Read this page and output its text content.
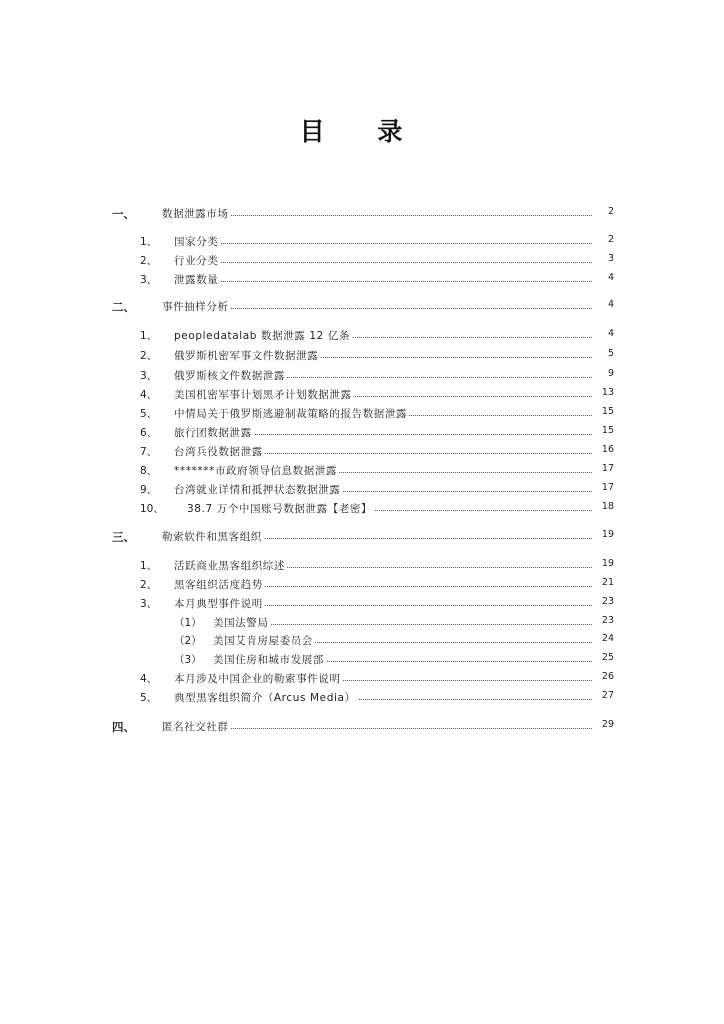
目 录
一、	数据泄露市场	2
1、 国家分类	2
2、 行业分类	3
3、 泄露数量	4
二、	事件抽样分析	4
1、 peopledatalab 数据泄露 12 亿条	4
2、 俄罗斯机密军事文件数据泄露	5
3、 俄罗斯核文件数据泄露	9
4、 美国机密军事计划黑矛计划数据泄露	13
5、 中情局关于俄罗斯逃避制裁策略的报告数据泄露	15
6、 旅行团数据泄露	15
7、 台湾兵役数据泄露	16
8、 *******市政府领导信息数据泄露	17
9、 台湾就业详情和抵押状态数据泄露	17
10、 38.7 万个中国账号数据泄露【老密】	18
三、	勒索软件和黑客组织	19
1、 活跃商业黑客组织综述	19
2、 黑客组织活度趋势	21
3、 本月典型事件说明	23
（1） 美国法警局	23
（2） 美国艾肯房屋委员会	24
（3） 美国住房和城市发展部	25
4、 本月涉及中国企业的勒索事件说明	26
5、 典型黑客组织简介（Arcus Media）	27
四、	匿名社交社群	29
